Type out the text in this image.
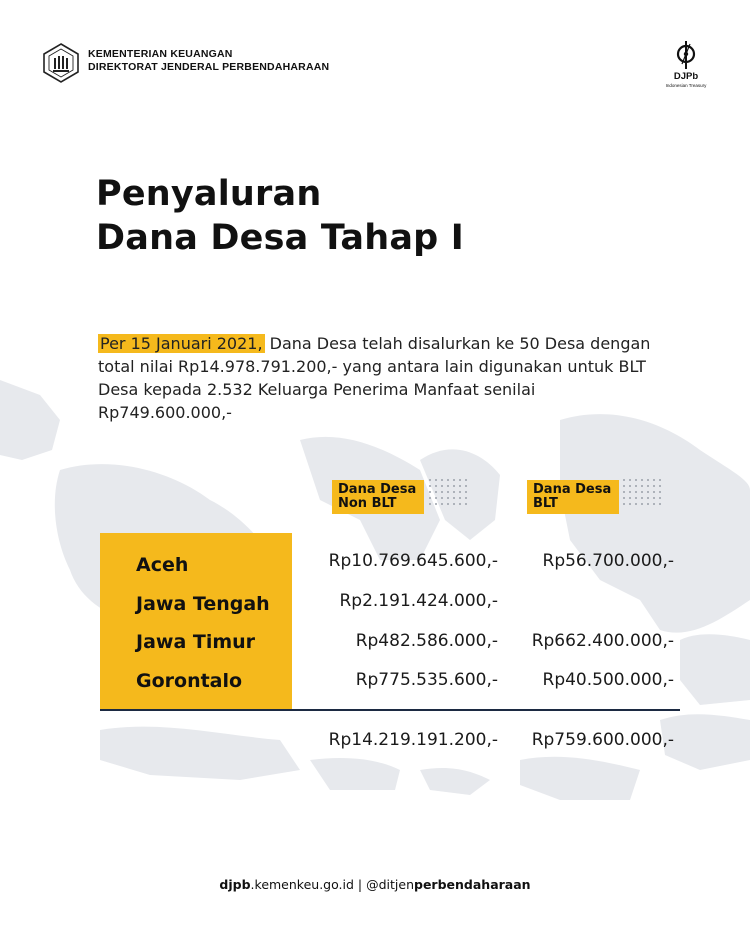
KEMENTERIAN KEUANGAN
DIREKTORAT JENDERAL PERBENDAHARAAN
DJPb
Indonesian Treasury
Penyaluran
Dana Desa Tahap I
Per 15 Januari 2021, Dana Desa telah disalurkan ke 50 Desa dengan total nilai Rp14.978.791.200,- yang antara lain digunakan untuk BLT Desa kepada 2.532 Keluarga Penerima Manfaat senilai Rp749.600.000,-
Dana Desa
Non BLT
Dana Desa
BLT
Aceh	Rp10.769.645.600,-	Rp56.700.000,-
Jawa Tengah	Rp2.191.424.000,-
Jawa Timur	Rp482.586.000,- Rp662.400.000,-
Gorontalo	Rp775.535.600,-	Rp40.500.000,-
Rp14.219.191.200,- Rp759.600.000,-
djpb.kemenkeu.go.id | @ditjenperbendaharaan
